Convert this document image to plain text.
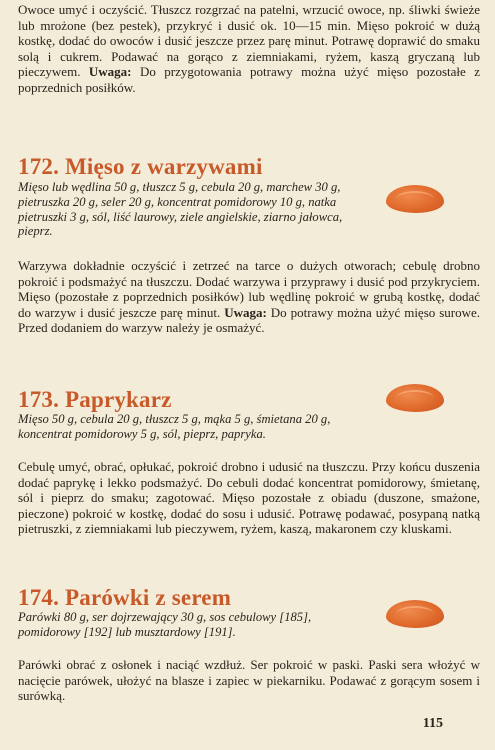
Owoce umyć i oczyścić. Tłuszcz rozgrzać na patelni, wrzucić owoce, np. śliwki świeże lub mrożone (bez pestek), przykryć i dusić ok. 10—15 min. Mięso pokroić w dużą kostkę, dodać do owoców i dusić jeszcze przez parę minut. Potrawę doprawić do smaku solą i cukrem. Podawać na gorąco z ziemniakami, ryżem, kaszą gryczaną lub pieczywem. Uwaga: Do przygotowania potrawy można użyć mięso pozostałe z poprzednich posiłków.

172. Mięso z warzywami

Mięso lub wędlina 50 g, tłuszcz 5 g, cebula 20 g, marchew 30 g, pietruszka 20 g, seler 20 g, koncentrat pomidorowy 10 g, natka pietruszki 3 g, sól, liść laurowy, ziele angielskie, ziarno jałowca, pieprz.

Warzywa dokładnie oczyścić i zetrzeć na tarce o dużych otworach; cebulę drobno pokroić i podsmażyć na tłuszczu. Dodać warzywa i przyprawy i dusić pod przykryciem. Mięso (pozostałe z poprzednich posiłków) lub wędlinę pokroić w grubą kostkę, dodać do warzyw i dusić jeszcze parę minut. Uwaga: Do potrawy można użyć mięso surowe. Przed dodaniem do warzyw należy je osmażyć.

173. Paprykarz

Mięso 50 g, cebula 20 g, tłuszcz 5 g, mąka 5 g, śmietana 20 g, koncentrat pomidorowy 5 g, sól, pieprz, papryka.

Cebulę umyć, obrać, opłukać, pokroić drobno i udusić na tłuszczu. Przy końcu duszenia dodać paprykę i lekko podsmażyć. Do cebuli dodać koncentrat pomidorowy, śmietanę, sól i pieprz do smaku; zagotować. Mięso pozostałe z obiadu (duszone, smażone, pieczone) pokroić w kostkę, dodać do sosu i udusić. Potrawę podawać, posypaną natką pietruszki, z ziemniakami lub pieczywem, ryżem, kaszą, makaronem czy kluskami.

174. Parówki z serem

Parówki 80 g, ser dojrzewający 30 g, sos cebulowy [185], pomidorowy [192] lub musztardowy [191].

Parówki obrać z osłonek i naciąć wzdłuż. Ser pokroić w paski. Paski sera włożyć w nacięcie parówek, ułożyć na blasze i zapiec w piekarniku. Podawać z gorącym sosem i surówką.

115
